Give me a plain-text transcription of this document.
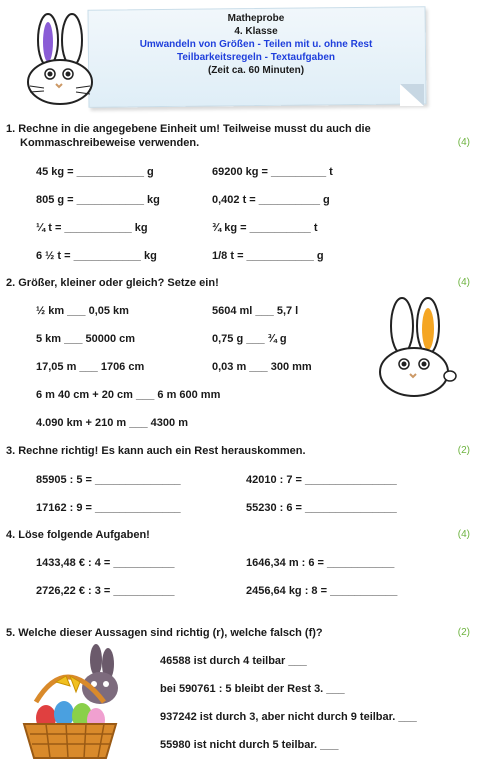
Matheprobe
4. Klasse
Umwandeln von Größen - Teilen mit u. ohne Rest
Teilbarkeitsregeln - Textaufgaben
(Zeit ca. 60 Minuten)
1. Rechne in die angegebene Einheit um! Teilweise musst du auch die
Kommaschreibeweise verwenden.	(4)
45 kg = ___________ g	69200 kg = _________ t
805 g = ___________ kg	0,402 t = __________ g
¼ t = ___________ kg	¾ kg = __________ t
6 ½ t = ___________ kg	1/8 t = ___________ g
2. Größer, kleiner oder gleich? Setze ein!	(4)
½ km ___ 0,05 km	5604 ml ___ 5,7 l
5 km ___ 50000 cm	0,75 g ___ ¾ g
17,05 m ___ 1706 cm	0,03 m ___ 300 mm
6 m 40 cm + 20 cm ___ 6 m 600 mm
4.090 km + 210 m ___ 4300 m
3. Rechne richtig! Es kann auch ein Rest herauskommen.	(2)
85905 : 5 = ______________	42010 : 7 = _______________
17162 : 9 = ______________	55230 : 6 = _______________
4. Löse folgende Aufgaben!	(4)
1433,48 € : 4 = __________	1646,34 m : 6 = ___________
2726,22 € : 3 = __________	2456,64 kg : 8 = ___________
5. Welche dieser Aussagen sind richtig (r), welche falsch (f)?	(2)
46588 ist durch 4 teilbar ___
bei 590761 : 5 bleibt der Rest 3. ___
937242 ist durch 3, aber nicht durch 9 teilbar. ___
55980 ist nicht durch 5 teilbar. ___
